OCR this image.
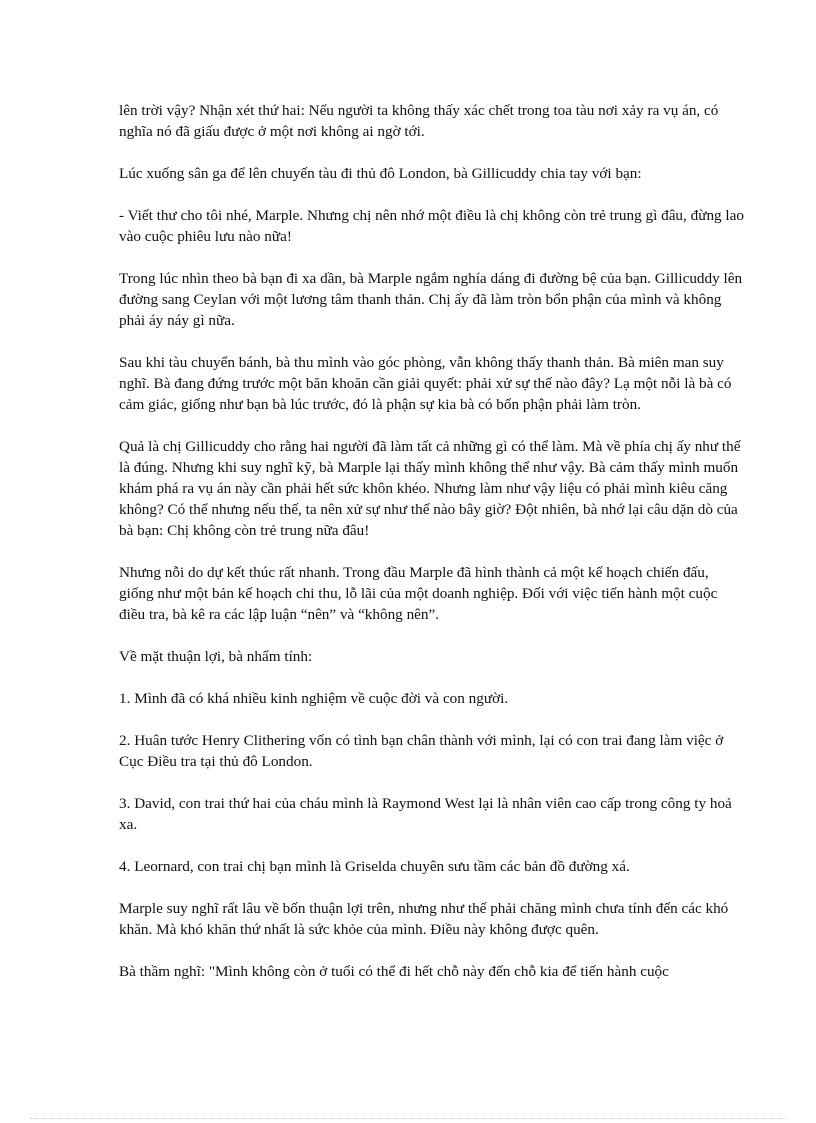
lên trời vậy? Nhận xét thứ hai: Nếu người ta không thấy xác chết trong toa tàu nơi xảy ra vụ án, có nghĩa nó đã giấu được ở một nơi không ai ngờ tới.

Lúc xuống sân ga để lên chuyến tàu đi thủ đô London, bà Gillicuddy chia tay với bạn:

- Viết thư cho tôi nhé, Marple. Nhưng chị nên nhớ một điều là chị không còn trẻ trung gì đâu, đừng lao vào cuộc phiêu lưu nào nữa!

Trong lúc nhìn theo bà bạn đi xa dần, bà Marple ngắm nghía dáng đi đường bệ của bạn. Gillicuddy lên đường sang Ceylan với một lương tâm thanh thản. Chị ấy đã làm tròn bổn phận của mình và không phải áy náy gì nữa.

Sau khi tàu chuyển bánh, bà thu mình vào góc phòng, vẫn không thấy thanh thản. Bà miên man suy nghĩ. Bà đang đứng trước một băn khoăn cần giải quyết: phải xử sự thế nào đây? Lạ một nỗi là bà có cảm giác, giống như bạn bà lúc trước, đó là phận sự kia bà có bổn phận phải làm tròn.

Quả là chị Gillicuddy cho rằng hai người đã làm tất cả những gì có thể làm. Mà về phía chị ấy như thế là đúng. Nhưng khi suy nghĩ kỹ, bà Marple lại thấy mình không thể như vậy. Bà cảm thấy mình muốn khám phá ra vụ án này cần phải hết sức khôn khéo. Nhưng làm như vậy liệu có phải mình kiêu căng không? Có thể nhưng nếu thế, ta nên xử sự như thế nào bây giờ? Đột nhiên, bà nhớ lại câu dặn dò của bà bạn: Chị không còn trẻ trung nữa đâu!

Nhưng nỗi do dự kết thúc rất nhanh. Trong đầu Marple đã hình thành cả một kế hoạch chiến đấu, giống như một bản kế hoạch chi thu, lỗ lãi của một doanh nghiệp. Đối với việc tiến hành một cuộc điều tra, bà kê ra các lập luận “nên” và “không nên”.

Về mặt thuận lợi, bà nhẩm tính:

1. Mình đã có khá nhiều kinh nghiệm về cuộc đời và con người.

2. Huân tước Henry Clithering vốn có tình bạn chân thành với mình, lại có con trai đang làm việc ở Cục Điều tra tại thủ đô London.

3. David, con trai thứ hai của cháu mình là Raymond West lại là nhân viên cao cấp trong công ty hoả xa.

4. Leornard, con trai chị bạn mình là Griselda chuyên sưu tầm các bản đồ đường xá.

Marple suy nghĩ rất lâu về bốn thuận lợi trên, nhưng như thế phải chăng mình chưa tính đến các khó khăn. Mà khó khăn thứ nhất là sức khỏe của mình. Điều này không được quên.

Bà thầm nghĩ: "Mình không còn ở tuổi có thể đi hết chỗ này đến chỗ kia để tiến hành cuộc
